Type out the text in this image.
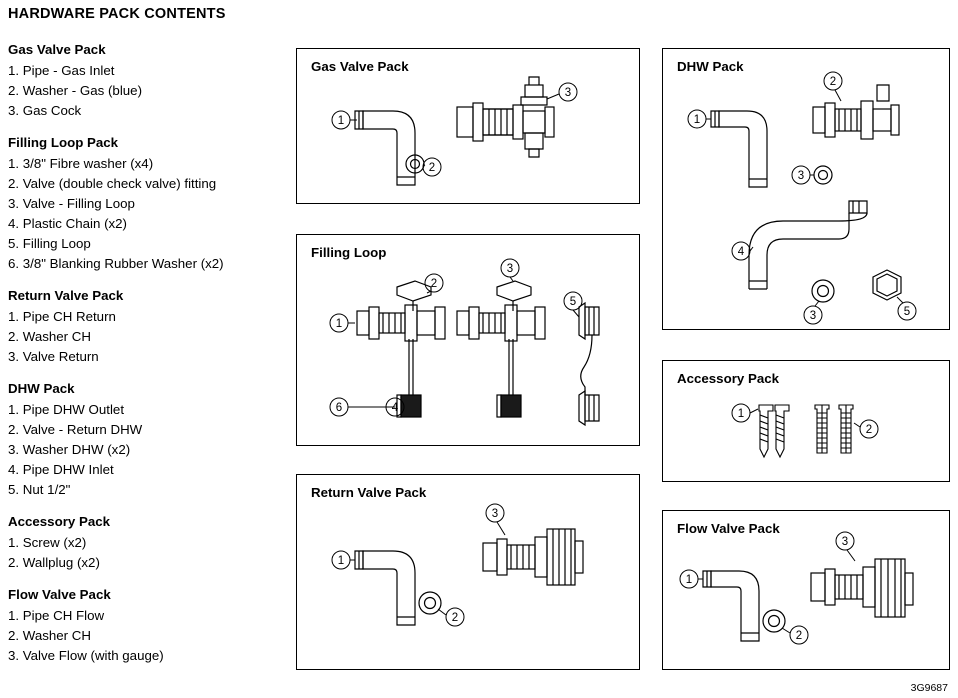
HARDWARE PACK CONTENTS
Gas Valve Pack
1. Pipe - Gas Inlet
2. Washer - Gas (blue)
3. Gas Cock
Filling Loop Pack
1. 3/8" Fibre washer (x4)
2. Valve (double check valve) fitting
3. Valve - Filling Loop
4. Plastic Chain (x2)
5. Filling Loop
6. 3/8" Blanking Rubber Washer (x2)
Return Valve Pack
1. Pipe CH Return
2. Washer CH
3. Valve Return
DHW Pack
1. Pipe DHW Outlet
2. Valve - Return DHW
3. Washer DHW (x2)
4. Pipe DHW Inlet
5. Nut 1/2"
Accessory Pack
1. Screw (x2)
2. Wallplug (x2)
Flow Valve Pack
1. Pipe CH Flow
2. Washer CH
3. Valve Flow (with gauge)
Gas Valve Pack
1
2
3
Filling Loop
1
2
3
4
5
6
Return Valve Pack
1
2
3
DHW Pack
1
2
3
4
3	5
Accessory Pack
1
2
Flow Valve Pack
1
2
3
3G9687
